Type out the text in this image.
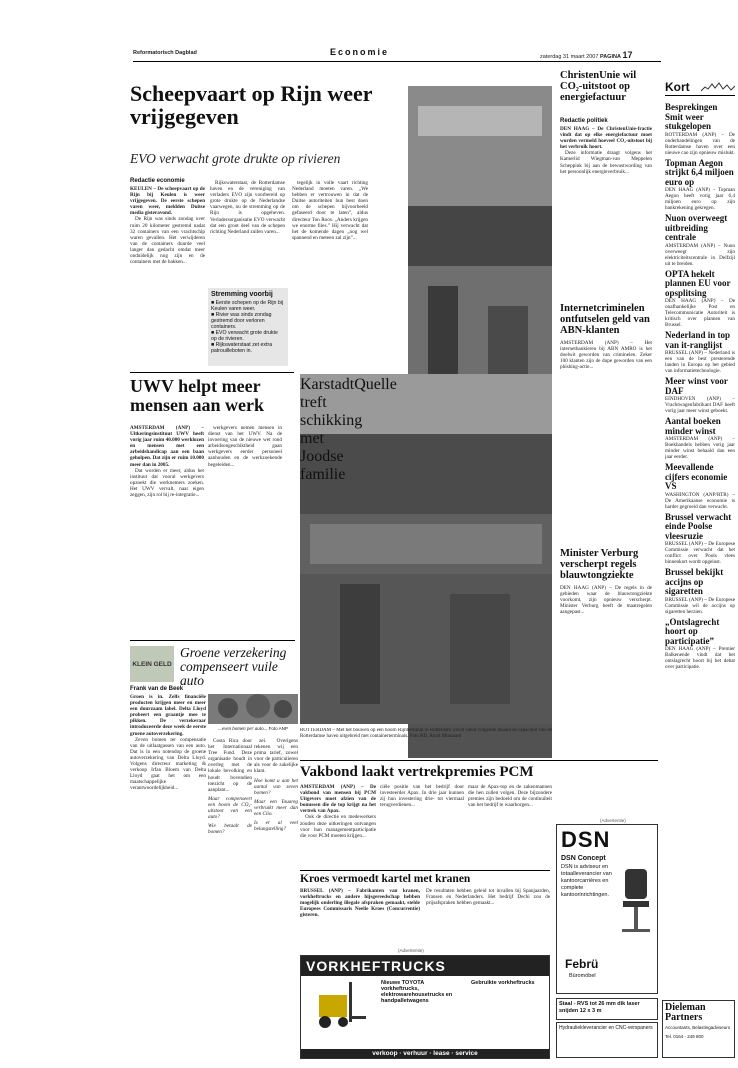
Reformatorisch Dagblad	Economie	zaterdag 31 maart 2007 PAGINA 17
Scheepvaart op Rijn weer vrijgegeven
EVO verwacht grote drukte op rivieren
Redactie economie

KEULEN – De scheepvaart op de Rijn bij Keulen is weer vrijgegeven. De eerste schepen varen weer, meldden Duitse media gisteravond.

De Rijn was sinds zondag over ruim 20 kilometer gestremd nadat 32 containers van een vrachtschip waren gevallen. Het verwijderen van de containers duurde veel langer dan gedacht omdat meer onduidelijk nog zijn en de containers met de bakken...

Rijkswaterstaat, de Rotterdamse haven en de vereniging van verladers EVO zijn voorbereid op grote drukte op de Nederlandse vaarwegen, nu de stremming op de Rijn is opgeheven. Verladersorganisatie EVO verwacht dat een groot deel van de schepen richting Nederland zullen varen...

Stremming voorbij
■ Eerste schepen op de Rijn bij Keulen varen weer.
■ Rivier was sinds zondag gestremd door verloren containers.
■ EVO verwacht grote drukte op de rivieren.
■ Rijkswaterstaat zet extra patrouilleboten in.

tegelijk in volle vaart richting Nederland moeten varen. „We hebben er vertrouwen in dat de Duitse autoriteiten hun best doen om de schepen bijvoorbeeld gefaseerd door te laten”, aldus directeur Ton Roos. „Anders krijgen we enorme files.” Hij verwacht dat het de komende dagen „nog wel spannend en meteen zal zijn”...

ROTTERDAM – Met het bouwen op een hoorn Rijnterminal in Rotterdam wordt vanaf volgende maand de capaciteit van de Rotterdamse haven uitgebreid met containerterminals. Foto RD, Ruud Minnaard
UWV helpt meer mensen aan werk

AMSTERDAM (ANP) – Uitkeringsinstituut UWV heeft vorig jaar ruim 40.000 werklozen en mensen met een arbeidshandicap aan een baan geholpen. Dat zijn er ruim 10.000 meer dan in 2005.

Dat worden er meer, aldus het instituut dat vooral werkgevers opzoekt die werknemers zoeken. Het UWV vervalt, naar eigen zeggen, zijn rol bij re-integratie...

werkgevers nemen mensen in dienst van het UWV. Na de invoering van de nieuwe wet rond arbeidsongeschiktheid gaan werkgevers eerder personeel aanhouden en de werkzoekende begeleiden...

ChristenUnie wil CO₂-uitstoot op energiefactuur
Redactie politiek

DEN HAAG – De ChristenUnie-fractie vindt dat op elke energiefactuur moet worden vermeld hoeveel CO₂-uitstoot bij het verbruik hoort.

Deze informatie draagt volgens het Kamerlid Wiegman-van Meppelen Scheppink bij aan de bewustwording van het persoonlijk energieverbruik...

Internetcriminelen ontfutselen geld van ABN-klanten
AMSTERDAM (ANP) – Het internetbankieren bij ABN AMRO is het doelwit geworden van criminelen. Zeker 100 klanten zijn de dupe geworden van een phishing-actie...
Minister Verburg verscherpt regels blauwtongziekte
DEN HAAG (ANP) – De regels in de gebieden waar de blauwtongziekte voorkomt, zijn opnieuw verscherpt. Minister Verburg heeft de maatregelen aangepast...
Kort
Besprekingen Smit weer stukgelopen
ROTTERDAM (ANP) – De onderhandelingen van de Rotterdamse haven over een nieuwe cao zijn opnieuw mislukt.
Topman Aegon strijkt 6,4 miljoen euro op
DEN HAAG (ANP) – Topman Aegon heeft vorig jaar 6,4 miljoen euro op zijn bankrekening gekregen.
Nuon overweegt uitbreiding centrale
AMSTERDAM (ANP) – Nuon overweegt zijn elektriciteitscentrale in Delfzijl uit te breiden.
OPTA hekelt plannen EU voor opsplitsing
DEN HAAG (ANP) – De onafhankelijke Post en Telecommunicatie Autoriteit is kritisch over plannen van Brussel.
Nederland in top van it-ranglijst
BRUSSEL (ANP) – Nederland is een van de best presterende landen in Europa op het gebied van informatietechnologie.
Meer winst voor DAF
EINDHOVEN (ANP) – Vrachtwagenfabrikant DAF heeft vorig jaar meer winst geboekt.
Aantal boeken minder winst
AMSTERDAM (ANP) – Boekhandels hebben vorig jaar minder winst behaald dan een jaar eerder.
Meevallende cijfers economie VS
WASHINGTON (ANP/RTR) – De Amerikaanse economie is harder gegroeid dan verwacht.
Brussel verwacht einde Poolse vleesruzie
BRUSSEL (ANP) – De Europese Commissie verwacht dat het conflict over Pools vlees binnenkort wordt opgelost.
Brussel bekijkt accijns op sigaretten
BRUSSEL (ANP) – De Europese Commissie wil de accijns op sigaretten herzien.
„Ontslagrecht hoort op participatie”
DEN HAAG (ANP) – Premier Balkenende vindt dat het ontslagrecht hoort bij het debat over participatie.
KLEIN GELD
Groene verzekering compenseert vuile auto
Frank van de Beek

Groen is in. Zelfs financiële producten krijgen meer en meer een duurzaam label. Delta Lloyd probeert een graantje mee te pikken. De verzekeraar introduceerde deze week de eerste groene autoverzekering.

Zeven bomen ter compensatie van de uitlaatgassen van een auto. Dat is in een notendop de groene autoverzekering van Delta Lloyd. Volgens directeur marketing & verkoop Irfan Bloem van Delta Lloyd gaat het om een maatschappelijke verantwoordelijkheid...

...even bomen per auto... Foto ANP

Costa Rica door het Internationaal Tree Fund. Deze organisatie houdt in overleg met de lokale bevolking en houdt bovendien toezicht op de aanplant...

Maar compenseert een boom de CO₂-uitstoot van een auto?

Wie betaalt de bomen?

zei. Overigens rekenen wij een prima tarief, zowel voor de particulieren als voor de zakelijke klant.

Hoe komt u aan het aantal van zeven bomen?

Maar een Touareg verbruikt meer dan een Clio.

Is er al veel belangstelling?

Vakbond laakt vertrekpremies PCM

AMSTERDAM (ANP) – De vakbond van mensen bij PCM Uitgevers moet afzien van de bonussen die de top krijgt na het vertrek van Apax.

Ook de directie en medewerkers zouden deze uitkeringen ontvangen voor hun managementparticipatie die voor PCM moeten krijgen...

ciële positie van het bedrijf door investeerder Apax. In drie jaar kunnen zij hun investering drie- tot viermaal terugverdienen...
maar de Apax-top en de zakenmannen die hen zullen volgen. Deze bijzondere premies zijn bedoeld om de continuïteit van het bedrijf te waarborgen...
Kroes vermoedt kartel met kranen

BRUSSEL (ANP) – Fabrikanten van kranen, vorkheftrucks en andere hijsgereedschap hebben mogelijk onderling illegale afspraken gemaakt, stelde Europees Commissaris Neelie Kroes (Concurrentie) gisteren.

De resultaten hebben geleid tot invallen bij Spanjaarden, Fransen en Nederlanders. Het bedrijf Dechi zou de prijsafspraken hebben gemaakt...
(Advertentie)
VORKHEFTRUCKS
Nieuwe TOYOTA vorkheftrucks, elektrowarehousetrucks en handpalletwagens
Gebruikte vorkheftrucks
verkoop · verhuur · lease · service
(Advertentie)
DSN
DSN Concept
DSN is adviseur en totaalleverancier van kantoorcarrières en complete kantoorinrichtingen.
Febrü
Büromöbel
Staal - RVS tot 26 mm dik laser snijden 12 x 3 m
Hydrauliekleverancier en CNC-verspaners
Dieleman Partners
Accountants, Belastingadviseurs
Tel. 0164 - 249 800
